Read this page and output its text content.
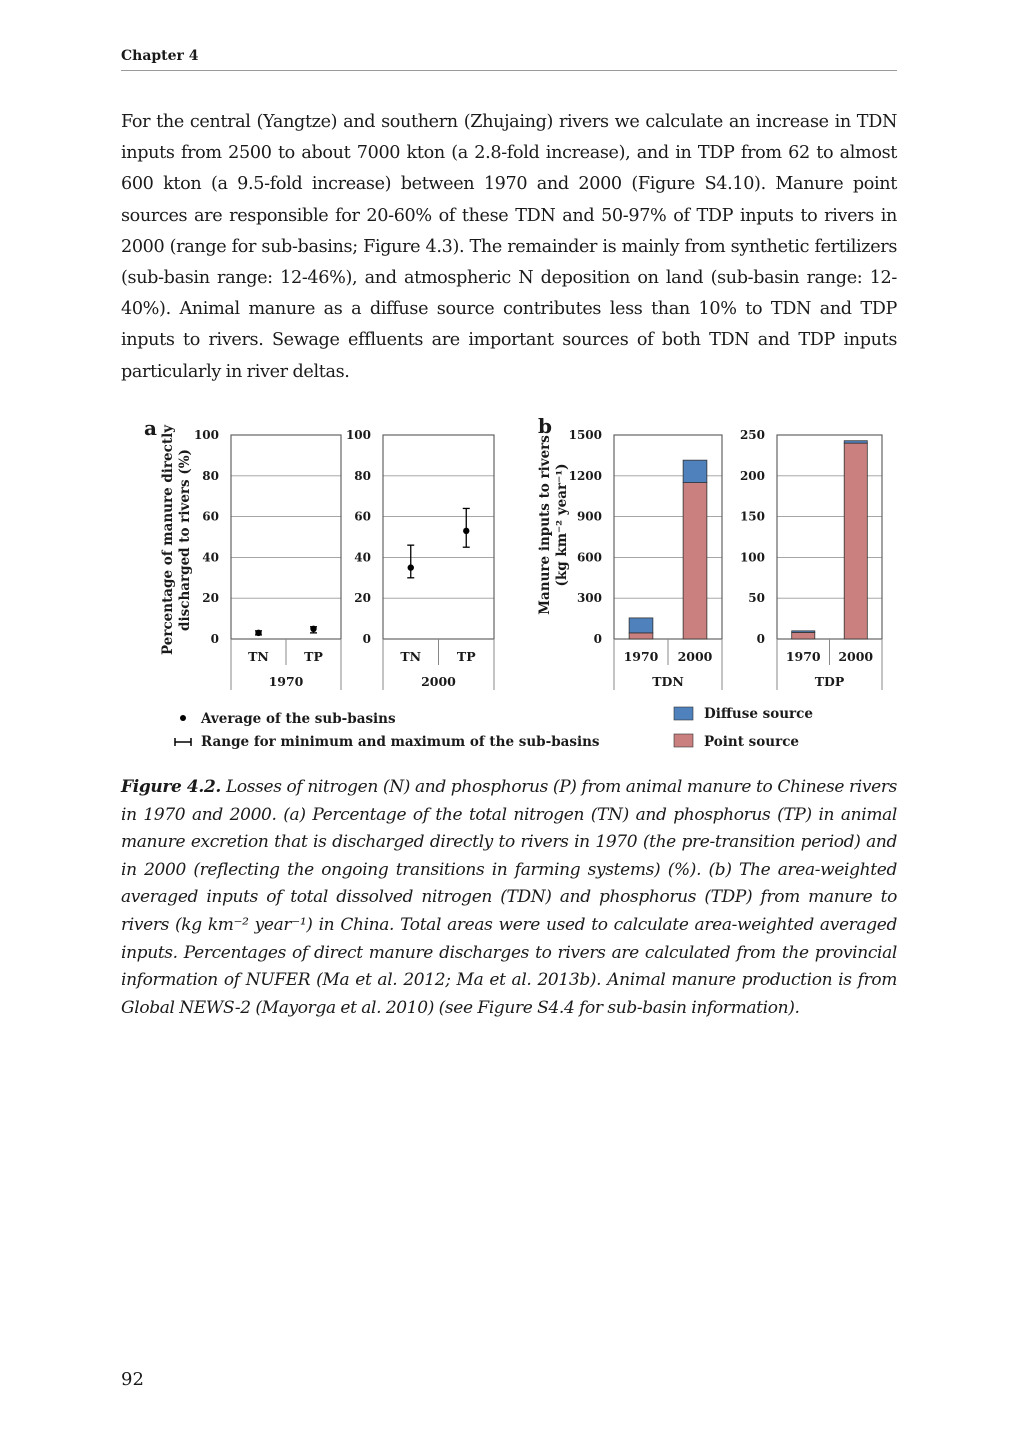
Chapter 4

For the central (Yangtze) and southern (Zhujaing) rivers we calculate an increase in TDN inputs from 2500 to about 7000 kton (a 2.8-fold increase), and in TDP from 62 to almost 600 kton (a 9.5-fold increase) between 1970 and 2000 (Figure S4.10). Manure point sources are responsible for 20-60% of these TDN and 50-97% of TDP inputs to rivers in 2000 (range for sub-basins; Figure 4.3). The remainder is mainly from synthetic fertilizers (sub-basin range: 12-46%), and atmospheric N deposition on land (sub-basin range: 12-40%). Animal manure as a diffuse source contributes less than 10% to TDN and TDP inputs to rivers. Sewage effluents are important sources of both TDN and TDP inputs particularly in river deltas.

a	b
Percentage of manure directly discharged to rivers (%)	Manure inputs to rivers (kg km⁻² year⁻¹)
0
20
40
60
80
100
TN	TP
1970
0
20
40
60
80
100
TN	TP
2000
0
300
600
900
1200
1500
1970 2000
TDN
0
50
100
150
200
250
1970 2000
TDP
Average of the sub-basins
Range for minimum and maximum of the sub-basins
Diffuse source
Point source

Figure 4.2. Losses of nitrogen (N) and phosphorus (P) from animal manure to Chinese rivers in 1970 and 2000. (a) Percentage of the total nitrogen (TN) and phosphorus (TP) in animal manure excretion that is discharged directly to rivers in 1970 (the pre-transition period) and in 2000 (reflecting the ongoing transitions in farming systems) (%). (b) The area-weighted averaged inputs of total dissolved nitrogen (TDN) and phosphorus (TDP) from manure to rivers (kg km⁻² year⁻¹) in China. Total areas were used to calculate area-weighted averaged inputs. Percentages of direct manure discharges to rivers are calculated from the provincial information of NUFER (Ma et al. 2012; Ma et al. 2013b). Animal manure production is from Global NEWS-2 (Mayorga et al. 2010) (see Figure S4.4 for sub-basin information).

92
